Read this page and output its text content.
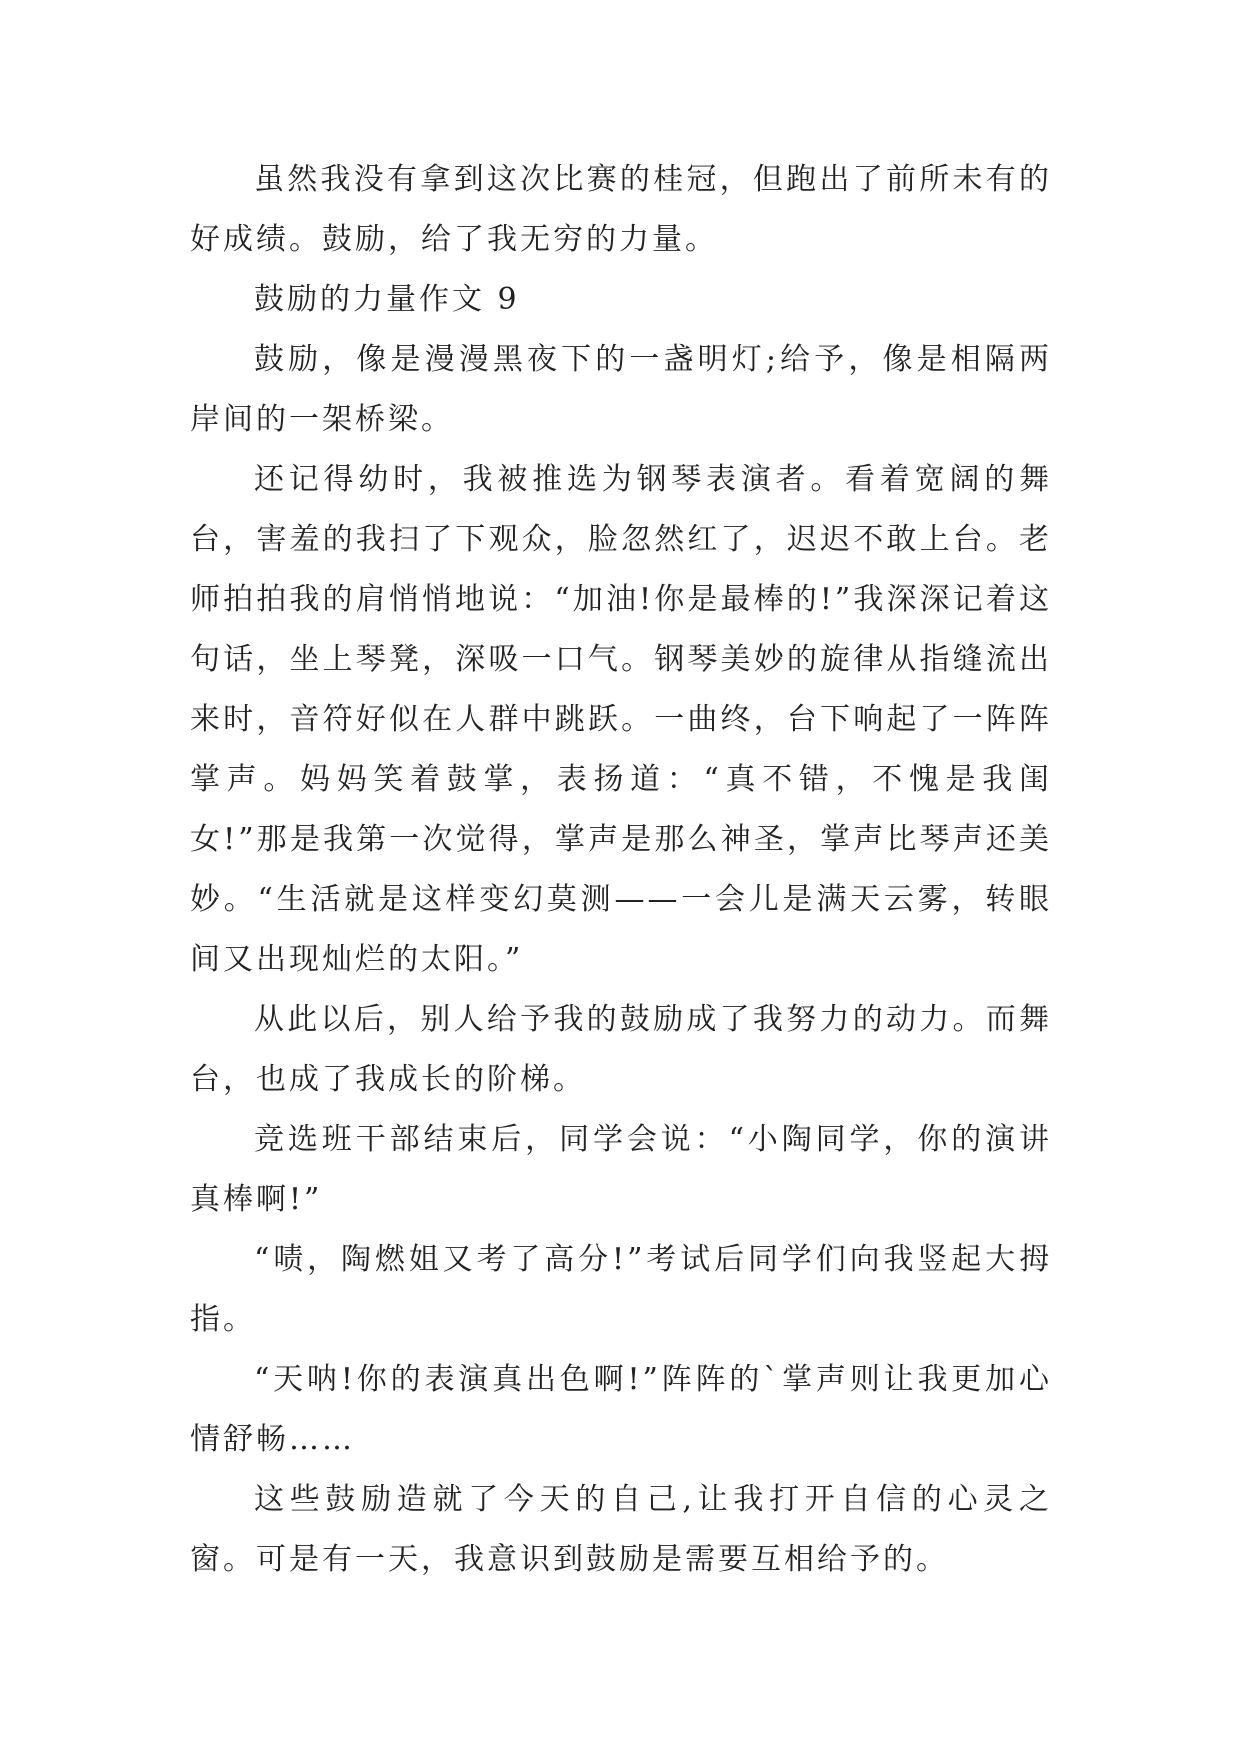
虽然我没有拿到这次比赛的桂冠，但跑出了前所未有的好成绩。鼓励，给了我无穷的力量。

鼓励的力量作文 9

鼓励，像是漫漫黑夜下的一盏明灯;给予，像是相隔两岸间的一架桥梁。

还记得幼时，我被推选为钢琴表演者。看着宽阔的舞台，害羞的我扫了下观众，脸忽然红了，迟迟不敢上台。老师拍拍我的肩悄悄地说：“加油!你是最棒的!”我深深记着这句话，坐上琴凳，深吸一口气。钢琴美妙的旋律从指缝流出来时，音符好似在人群中跳跃。一曲终，台下响起了一阵阵掌声。妈妈笑着鼓掌，表扬道：“真不错，不愧是我闺女!”那是我第一次觉得，掌声是那么神圣，掌声比琴声还美妙。“生活就是这样变幻莫测——一会儿是满天云雾，转眼间又出现灿烂的太阳。”

从此以后，别人给予我的鼓励成了我努力的动力。而舞台，也成了我成长的阶梯。

竞选班干部结束后，同学会说：“小陶同学，你的演讲真棒啊!”

“啧，陶燃姐又考了高分!”考试后同学们向我竖起大拇指。

“天呐!你的表演真出色啊!”阵阵的`掌声则让我更加心情舒畅……

这些鼓励造就了今天的自己,让我打开自信的心灵之窗。可是有一天，我意识到鼓励是需要互相给予的。
